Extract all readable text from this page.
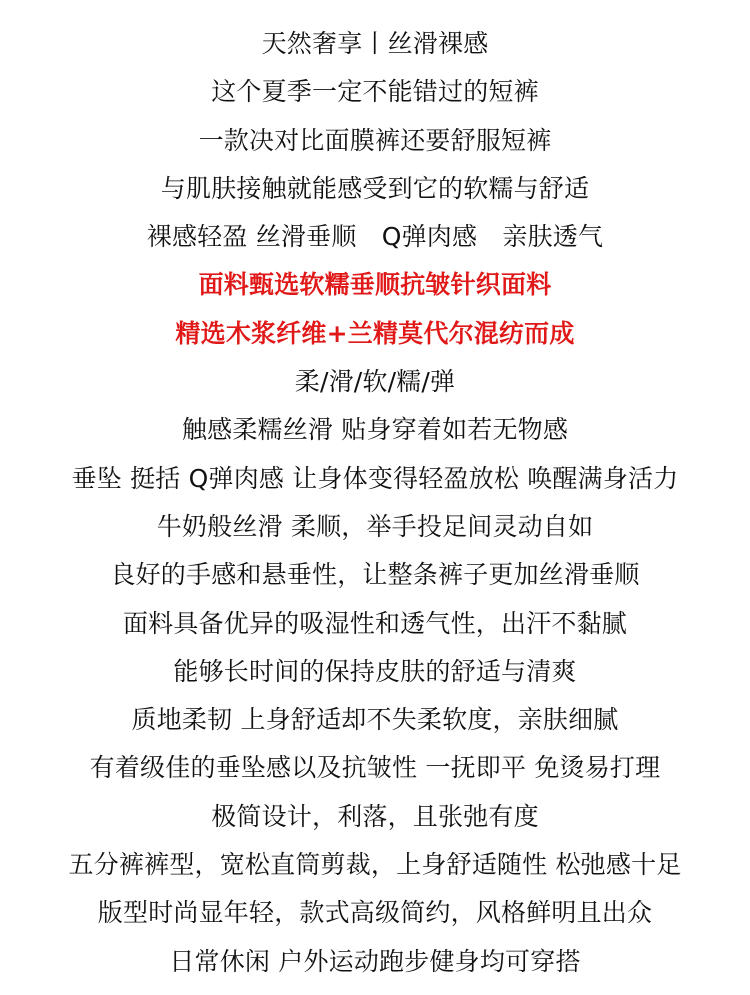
天然奢享丨丝滑裸感
这个夏季一定不能错过的短裤
一款决对比面膜裤还要舒服短裤
与肌肤接触就能感受到它的软糯与舒适
裸感轻盈 丝滑垂顺　Q弹肉感　亲肤透气
面料甄选软糯垂顺抗皱针织面料
精选木浆纤维+兰精莫代尔混纺而成
柔/滑/软/糯/弹
触感柔糯丝滑 贴身穿着如若无物感
垂坠 挺括 Q弹肉感 让身体变得轻盈放松 唤醒满身活力
牛奶般丝滑 柔顺，举手投足间灵动自如
良好的手感和悬垂性，让整条裤子更加丝滑垂顺
面料具备优异的吸湿性和透气性，出汗不黏腻
能够长时间的保持皮肤的舒适与清爽
质地柔韧 上身舒适却不失柔软度，亲肤细腻
有着级佳的垂坠感以及抗皱性 一抚即平 免烫易打理
极简设计，利落，且张弛有度
五分裤裤型，宽松直筒剪裁，上身舒适随性 松弛感十足
版型时尚显年轻，款式高级简约，风格鲜明且出众
日常休闲 户外运动跑步健身均可穿搭
